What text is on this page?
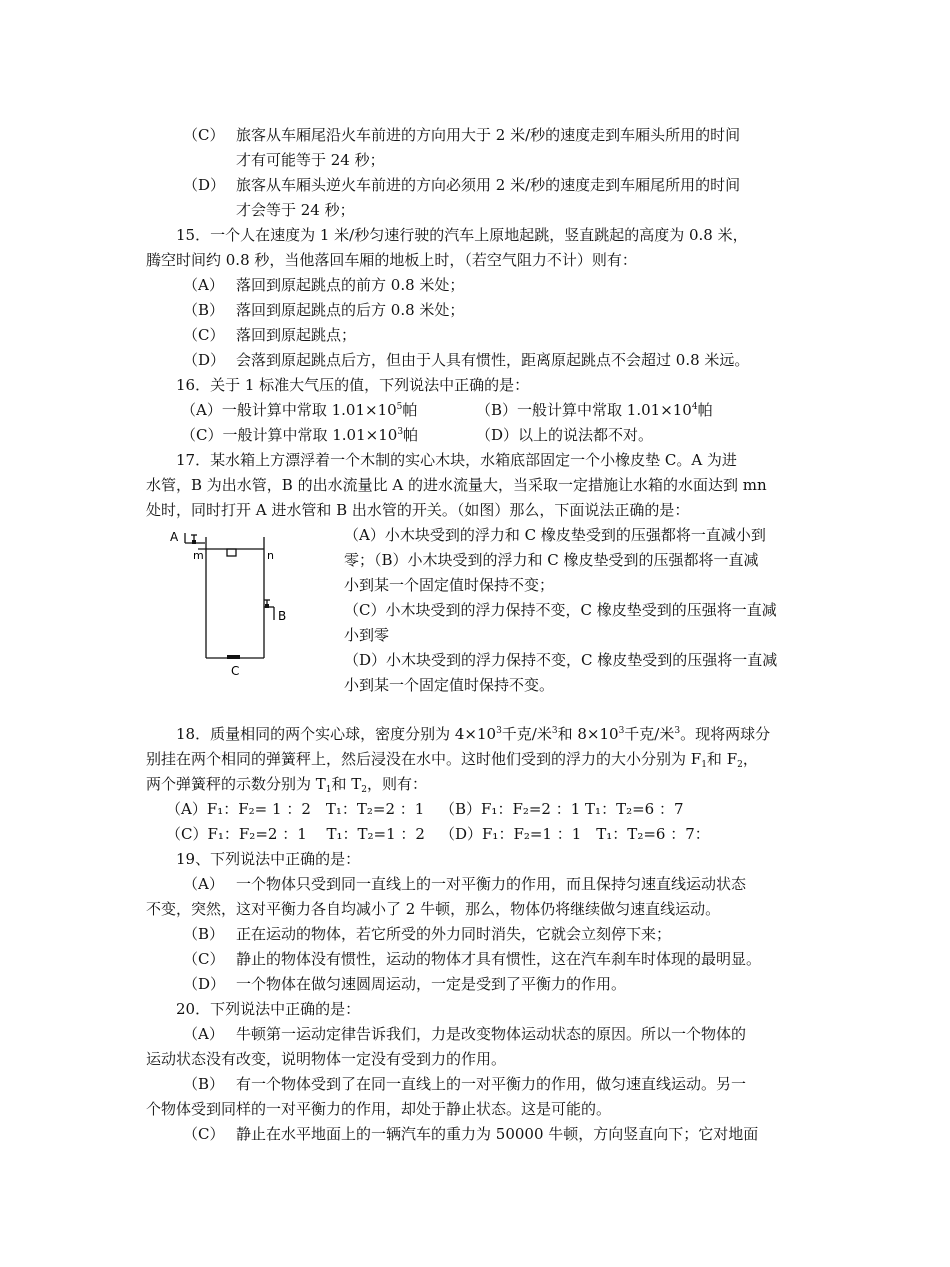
（C） 旅客从车厢尾沿火车前进的方向用大于 2 米/秒的速度走到车厢头所用的时间
才有可能等于 24 秒；
（D） 旅客从车厢头逆火车前进的方向必须用 2 米/秒的速度走到车厢尾所用的时间
才会等于 24 秒；
15．一个人在速度为 1 米/秒匀速行驶的汽车上原地起跳，竖直跳起的高度为 0.8 米，
腾空时间约 0.8 秒，当他落回车厢的地板上时，（若空气阻力不计）则有：
（A） 落回到原起跳点的前方 0.8 米处；
（B） 落回到原起跳点的后方 0.8 米处；
（C） 落回到原起跳点；
（D） 会落到原起跳点后方，但由于人具有惯性，距离原起跳点不会超过 0.8 米远。
16．关于 1 标准大气压的值，下列说法中正确的是：
（A）一般计算中常取 $1.01\times 10^5$帕	（B）一般计算中常取 $1.01\times 10^4$帕
（C）一般计算中常取 $1.01\times 10^3$帕	（D）以上的说法都不对。
17．某水箱上方漂浮着一个木制的实心木块，水箱底部固定一个小橡皮垫 C。A 为进
水管，B 为出水管，B 的出水流量比 A 的进水流量大，当采取一定措施让水箱的水面达到 mn
处时，同时打开 A 进水管和 B 出水管的开关。（如图）那么，下面说法正确的是：
A
m	n
B
C
（A）小木块受到的浮力和 C 橡皮垫受到的压强都将一直减小到
零；（B）小木块受到的浮力和 C 橡皮垫受到的压强都将一直减
小到某一个固定值时保持不变；
（C）小木块受到的浮力保持不变，C 橡皮垫受到的压强将一直减
小到零
（D）小木块受到的浮力保持不变，C 橡皮垫受到的压强将一直减
小到某一个固定值时保持不变。
18．质量相同的两个实心球，密度分别为 $4\times 10^3$千克/米$^3$和 $8\times 10^3$千克/米$^3$。现将两球分
别挂在两个相同的弹簧秤上，然后浸没在水中。这时他们受到的浮力的大小分别为 $F_1$和 $F_2$，
两个弹簧秤的示数分别为 $T_1$和 $T_2$，则有：
（A）F₁：F₂= 1 ：2　T₁：T₂=2 ：1 （B）F₁：F₂=2 ：1 T₁：T₂=6 ：7
（C）F₁：F₂=2 ：1　 T₁：T₂=1 ：2 （D）F₁：F₂=1 ：1　T₁：T₂=6 ：7：
19、下列说法中正确的是：
（A） 一个物体只受到同一直线上的一对平衡力的作用，而且保持匀速直线运动状态
不变，突然，这对平衡力各自均减小了 2 牛顿，那么，物体仍将继续做匀速直线运动。
（B） 正在运动的物体，若它所受的外力同时消失，它就会立刻停下来；
（C） 静止的物体没有惯性，运动的物体才具有惯性，这在汽车刹车时体现的最明显。
（D） 一个物体在做匀速圆周运动，一定是受到了平衡力的作用。
20．下列说法中正确的是：
（A） 牛顿第一运动定律告诉我们，力是改变物体运动状态的原因。所以一个物体的
运动状态没有改变，说明物体一定没有受到力的作用。
（B） 有一个物体受到了在同一直线上的一对平衡力的作用，做匀速直线运动。另一
个物体受到同样的一对平衡力的作用，却处于静止状态。这是可能的。
（C） 静止在水平地面上的一辆汽车的重力为 50000 牛顿，方向竖直向下；它对地面
